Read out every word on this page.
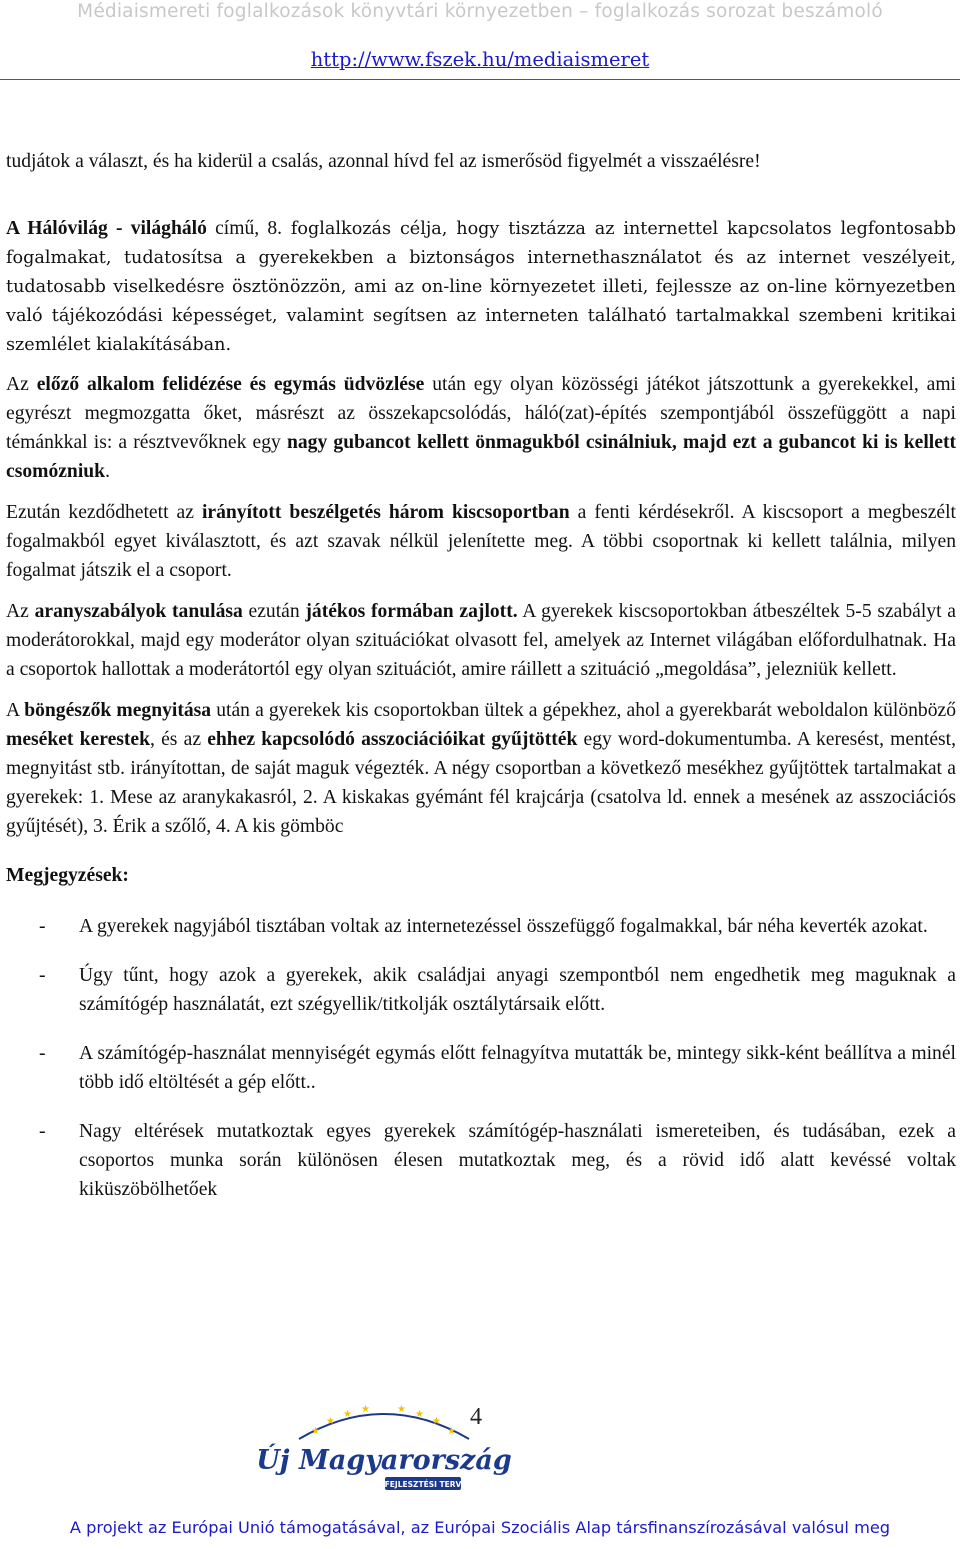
Médiaismereti foglalkozások könyvtári környezetben – foglalkozás sorozat beszámoló
http://www.fszek.hu/mediaismeret

tudjátok a választ, és ha kiderül a csalás, azonnal hívd fel az ismerősöd figyelmét a visszaélésre!

A Hálóvilág - világháló című, 8. foglalkozás célja, hogy tisztázza az internettel kapcsolatos legfontosabb fogalmakat, tudatosítsa a gyerekekben a biztonságos internethasználatot és az internet veszélyeit, tudatosabb viselkedésre ösztönözzön, ami az on-line környezetet illeti, fejlessze az on-line környezetben való tájékozódási képességet, valamint segítsen az interneten található tartalmakkal szembeni kritikai szemlélet kialakításában.

Az előző alkalom felidézése és egymás üdvözlése után egy olyan közösségi játékot játszottunk a gyerekekkel, ami egyrészt megmozgatta őket, másrészt az összekapcsolódás, háló(zat)-építés szempontjából összefüggött a napi témánkkal is: a résztvevőknek egy nagy gubancot kellett önmagukból csinálniuk, majd ezt a gubancot ki is kellett csomózniuk.

Ezután kezdődhetett az irányított beszélgetés három kiscsoportban a fenti kérdésekről. A kiscsoport a megbeszélt fogalmakból egyet kiválasztott, és azt szavak nélkül jelenítette meg. A többi csoportnak ki kellett találnia, milyen fogalmat játszik el a csoport.

Az aranyszabályok tanulása ezután játékos formában zajlott. A gyerekek kiscsoportokban átbeszéltek 5-5 szabályt a moderátorokkal, majd egy moderátor olyan szituációkat olvasott fel, amelyek az Internet világában előfordulhatnak. Ha a csoportok hallottak a moderátortól egy olyan szituációt, amire ráillett a szituáció „megoldása”, jelezniük kellett.

A böngészők megnyitása után a gyerekek kis csoportokban ültek a gépekhez, ahol a gyerekbarát weboldalon különböző meséket kerestek, és az ehhez kapcsolódó asszociációikat gyűjtötték egy word-dokumentumba. A keresést, mentést, megnyitást stb. irányítottan, de saját maguk végezték. A négy csoportban a következő mesékhez gyűjtöttek tartalmakat a gyerekek: 1. Mese az aranykakasról, 2. A kiskakas gyémánt fél krajcárja (csatolva ld. ennek a mesének az asszociációs gyűjtését), 3. Érik a szőlő, 4. A kis gömböc

Megjegyzések:
- A gyerekek nagyjából tisztában voltak az internetezéssel összefüggő fogalmakkal, bár néha keverték azokat.
- Úgy tűnt, hogy azok a gyerekek, akik családjai anyagi szempontból nem engedhetik meg maguknak a számítógép használatát, ezt szégyellik/titkolják osztálytársaik előtt.
- A számítógép-használat mennyiségét egymás előtt felnagyítva mutatták be, mintegy sikk-ként beállítva a minél több idő eltöltését a gép előtt..
- Nagy eltérések mutatkoztak egyes gyerekek számítógép-használati ismereteiben, és tudásában, ezek a csoportos munka során különösen élesen mutatkoztak meg, és a rövid idő alatt kevéssé voltak kiküszöbölhetőek
★
★
★ ★	★ ★
★
★
Új Magyarország
FEJLESZTÉSI TERV
4
A projekt az Európai Unió támogatásával, az Európai Szociális Alap társfinanszírozásával valósul meg
